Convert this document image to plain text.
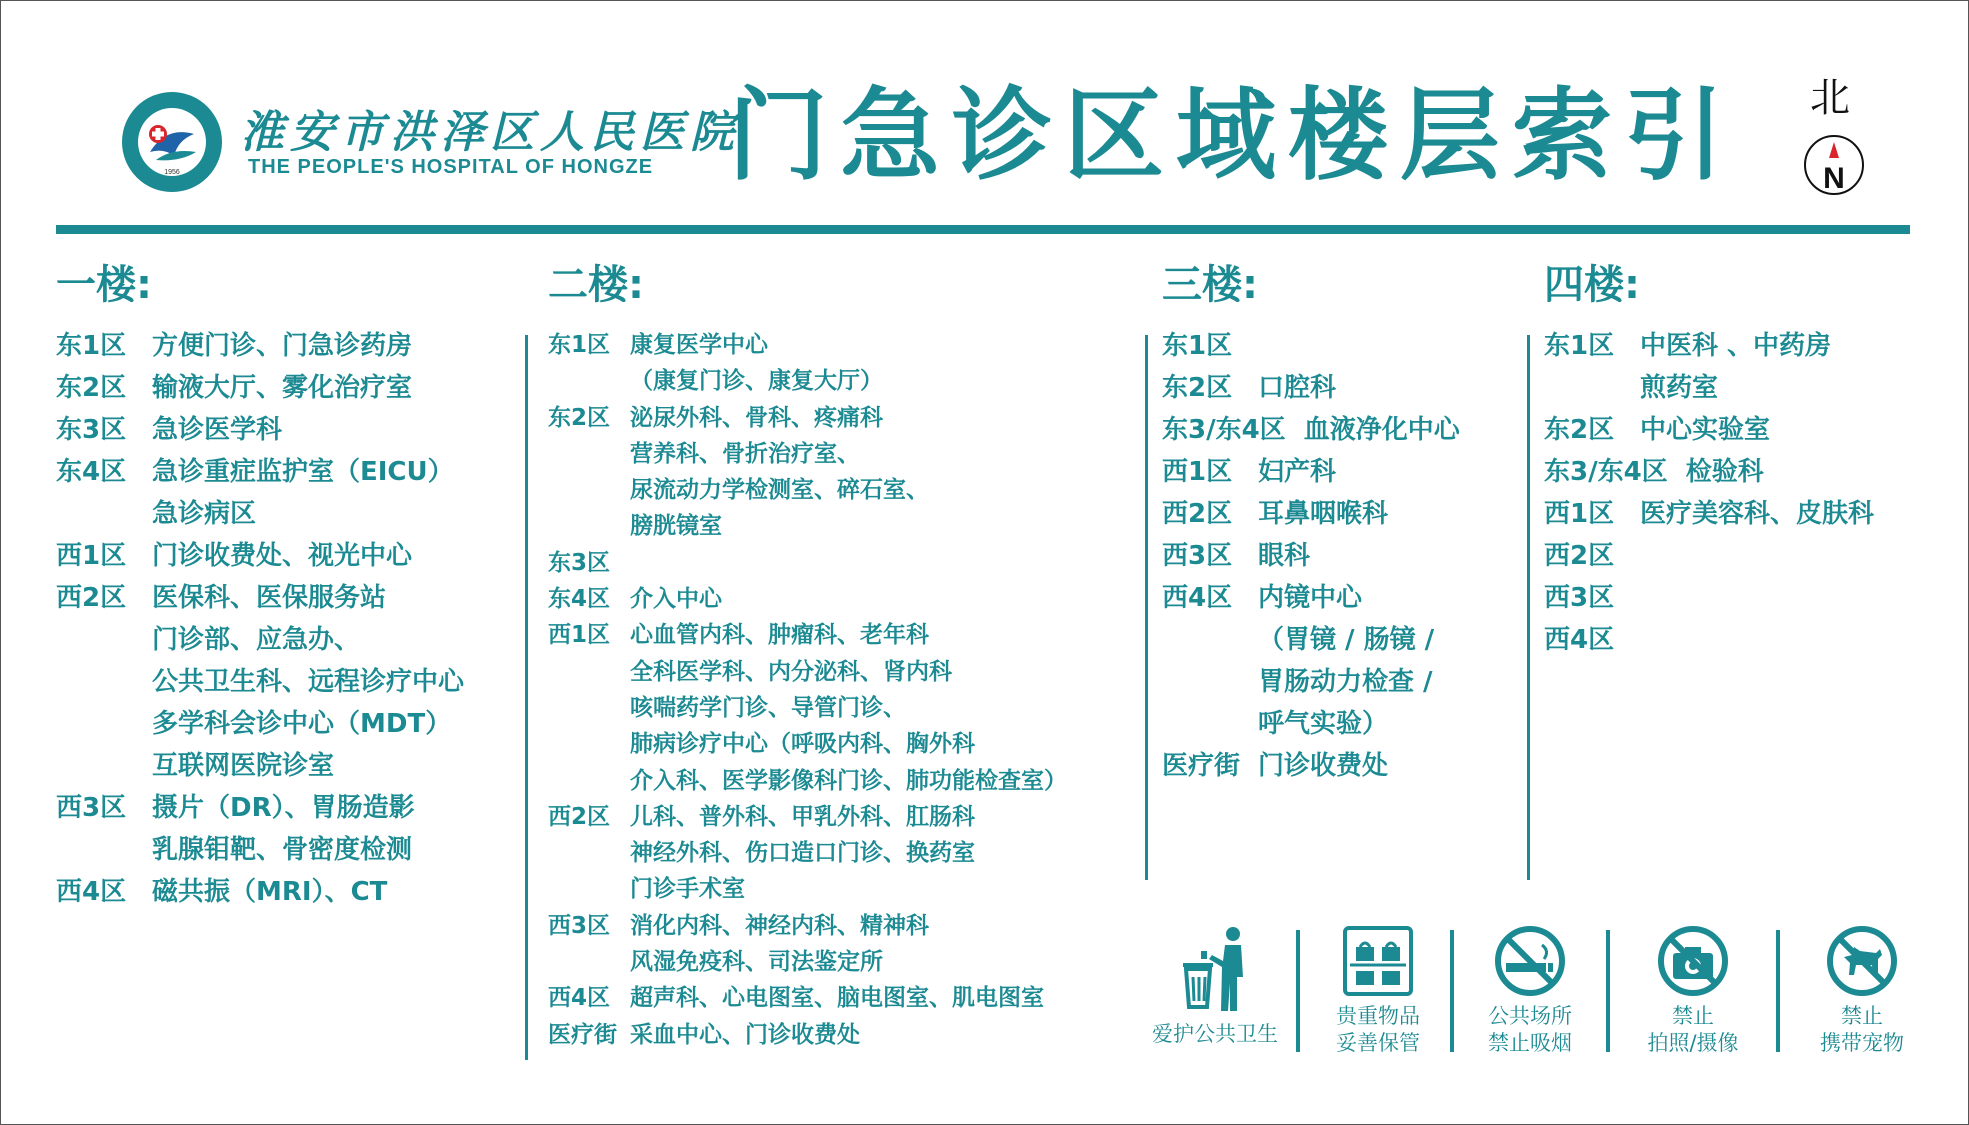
1956
淮安市洪泽区人民医院
THE PEOPLE'S HOSPITAL OF HONGZE 门急诊区域楼层索引 北
N
一楼:
东1区 方便门诊、门急诊药房
东2区 输液大厅、雾化治疗室
东3区 急诊医学科
东4区 急诊重症监护室（EICU）
急诊病区
西1区 门诊收费处、视光中心
西2区 医保科、医保服务站
门诊部、应急办、
公共卫生科、远程诊疗中心
多学科会诊中心（MDT）
互联网医院诊室
西3区 摄片（DR）、胃肠造影
乳腺钼靶、骨密度检测
西4区 磁共振（MRI）、CT
二楼:
东1区 康复医学中心
（康复门诊、康复大厅）
东2区 泌尿外科、骨科、疼痛科
营养科、骨折治疗室、
尿流动力学检测室、碎石室、
膀胱镜室
东3区

东4区 介入中心
西1区 心血管内科、肿瘤科、老年科
全科医学科、内分泌科、肾内科
咳喘药学门诊、导管门诊、
肺病诊疗中心（呼吸内科、胸外科
介入科、医学影像科门诊、肺功能检查室）
西2区 儿科、普外科、甲乳外科、肛肠科
神经外科、伤口造口门诊、换药室
门诊手术室
西3区 消化内科、神经内科、精神科
风湿免疫科、司法鉴定所
西4区 超声科、心电图室、脑电图室、肌电图室
医疗街 采血中心、门诊收费处
三楼:
东1区

东2区 口腔科
东3/东4区 血液净化中心
西1区 妇产科
西2区 耳鼻咽喉科
西3区 眼科
西4区 内镜中心
（胃镜 / 肠镜 /
胃肠动力检查 /
呼气实验）
医疗街 门诊收费处
四楼:
东1区 中医科 、中药房
煎药室
东2区 中心实验室
东3/东4区 检验科
西1区 医疗美容科、皮肤科
西2区

西3区

西4区

爱护公共卫生
贵重物品
妥善保管
公共场所
禁止吸烟
禁止
拍照/摄像
禁止
携带宠物
